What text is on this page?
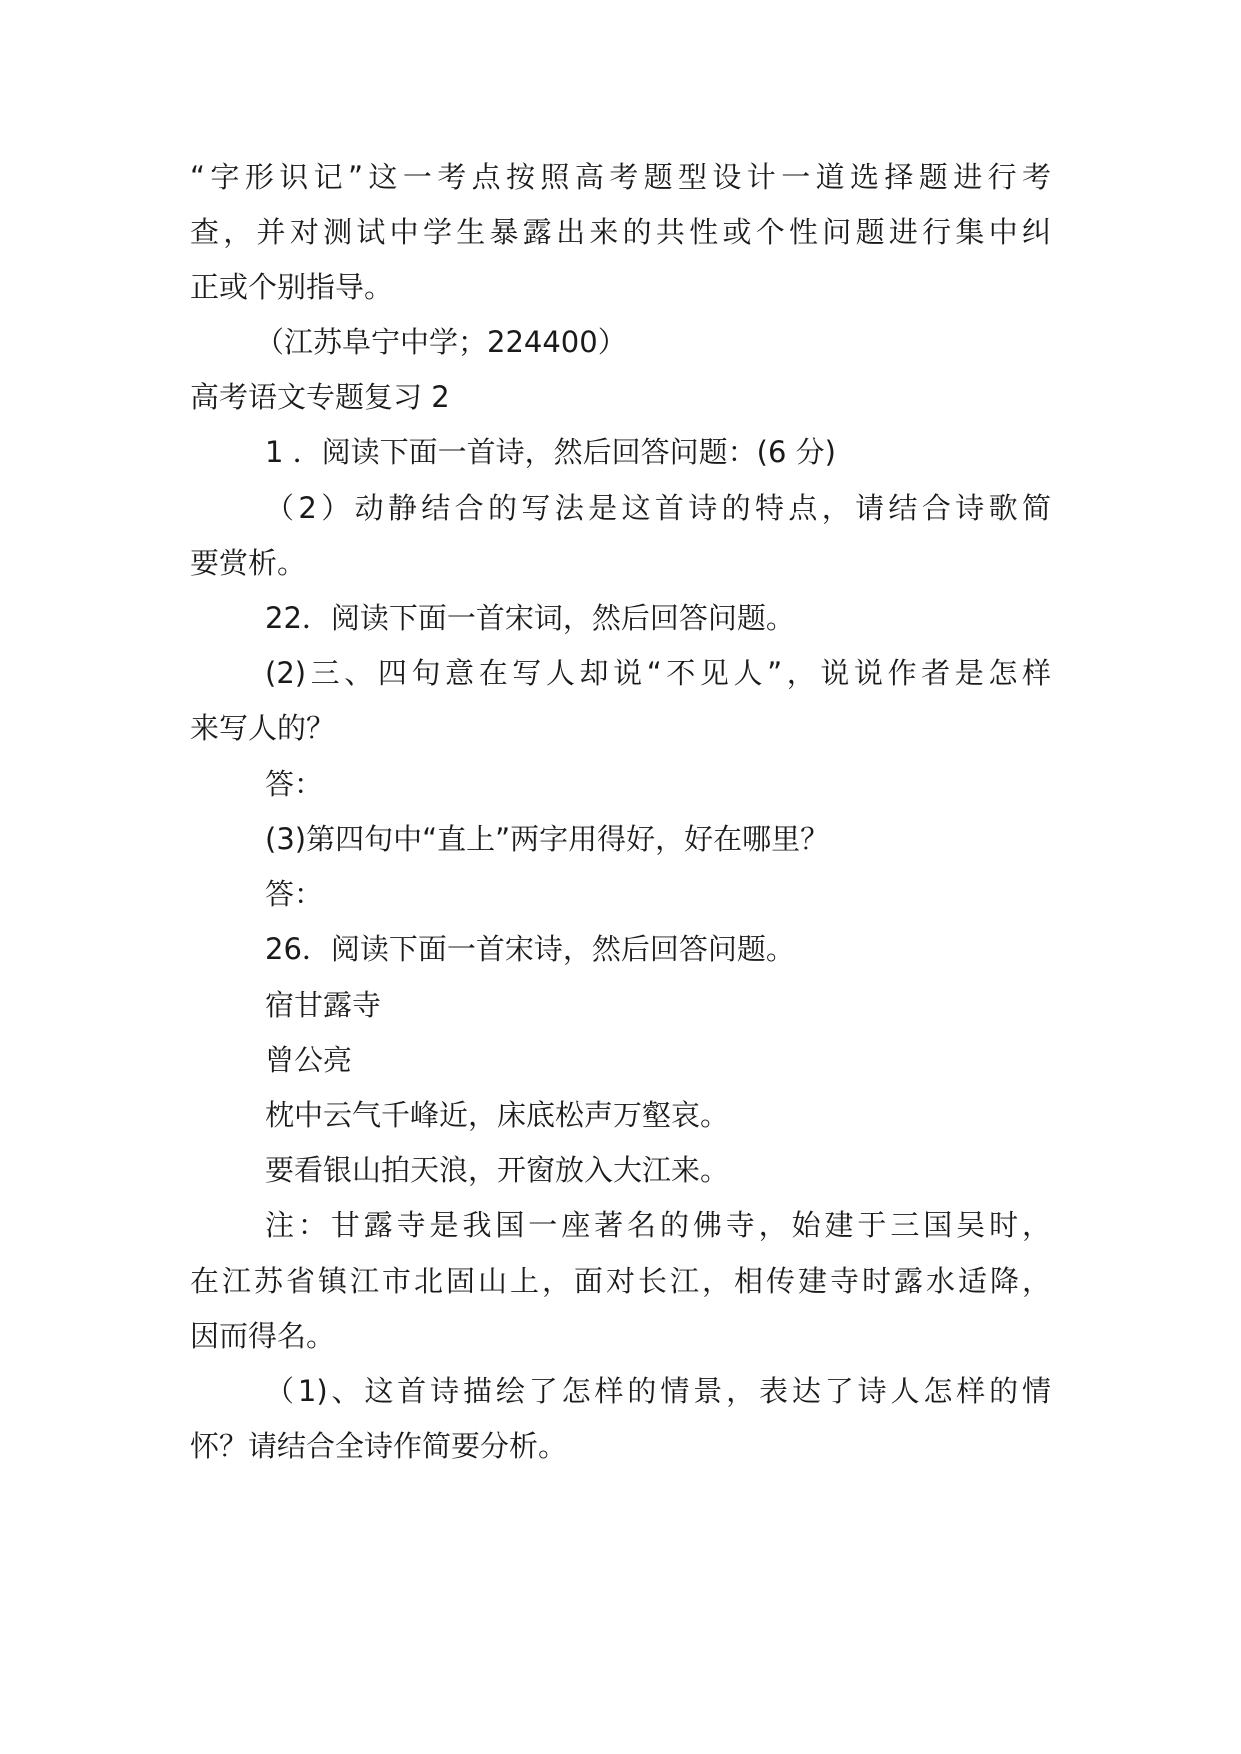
“字形识记”这一考点按照高考题型设计一道选择题进行考
查，并对测试中学生暴露出来的共性或个性问题进行集中纠
正或个别指导。
（江苏阜宁中学；224400）
高考语文专题复习 2
1 ．阅读下面一首诗，然后回答问题：(6 分)
（2）动静结合的写法是这首诗的特点，请结合诗歌简
要赏析。
22．阅读下面一首宋词，然后回答问题。
(2)三、四句意在写人却说“不见人”，说说作者是怎样
来写人的？
答：
(3)第四句中“直上”两字用得好，好在哪里？
答：
26．阅读下面一首宋诗，然后回答问题。
宿甘露寺
曾公亮
枕中云气千峰近，床底松声万壑哀。
要看银山拍天浪，开窗放入大江来。
注：甘露寺是我国一座著名的佛寺，始建于三国吴时，
在江苏省镇江市北固山上，面对长江，相传建寺时露水适降，
因而得名。
（1)、这首诗描绘了怎样的情景，表达了诗人怎样的情
怀？请结合全诗作简要分析。
